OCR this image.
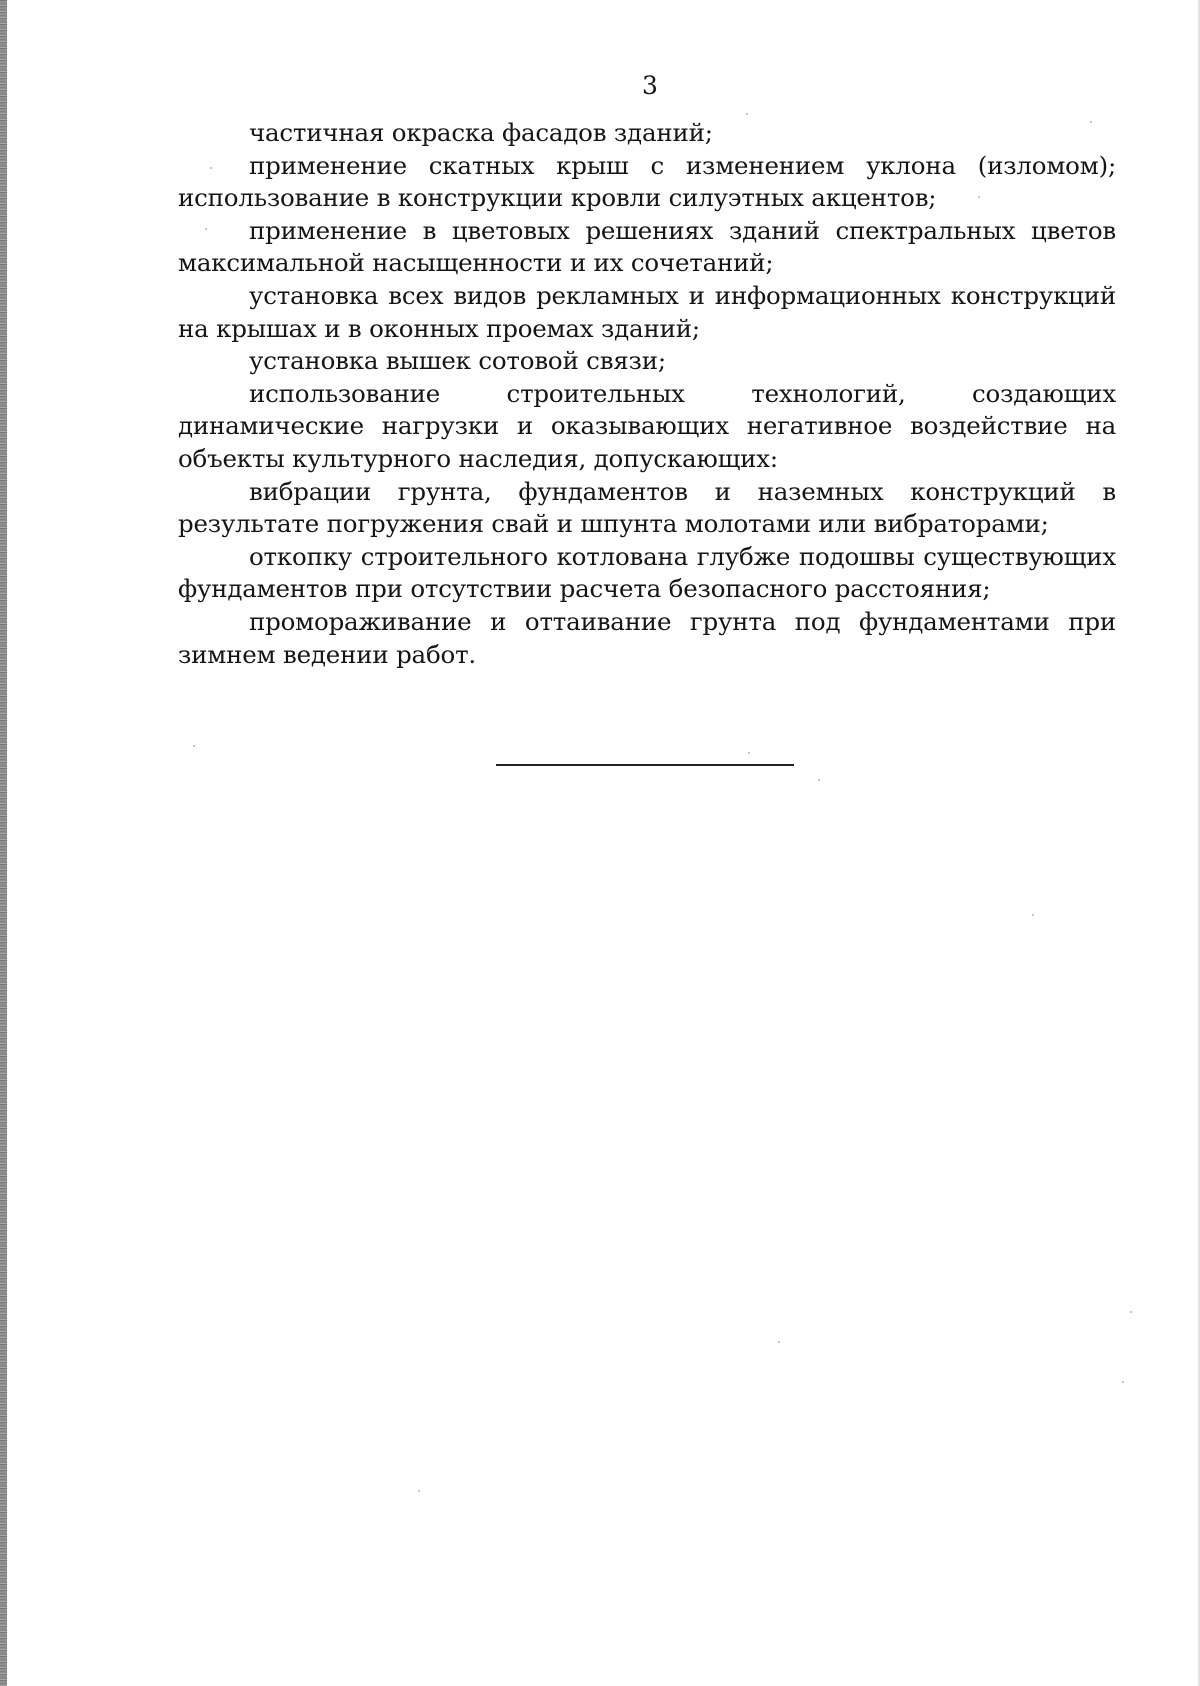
3

частичная окраска фасадов зданий;

применение скатных крыш с изменением уклона (изломом); использование в конструкции кровли силуэтных акцентов;

применение в цветовых решениях зданий спектральных цветов максимальной насыщенности и их сочетаний;

установка всех видов рекламных и информационных конструкций на крышах и в оконных проемах зданий;

установка вышек сотовой связи;

использование строительных технологий, создающих динамические нагрузки и оказывающих негативное воздействие на объекты культурного наследия, допускающих:

вибрации грунта, фундаментов и наземных конструкций в результате погружения свай и шпунта молотами или вибраторами;

откопку строительного котлована глубже подошвы существующих фундаментов при отсутствии расчета безопасного расстояния;

промораживание и оттаивание грунта под фундаментами при зимнем ведении работ.
